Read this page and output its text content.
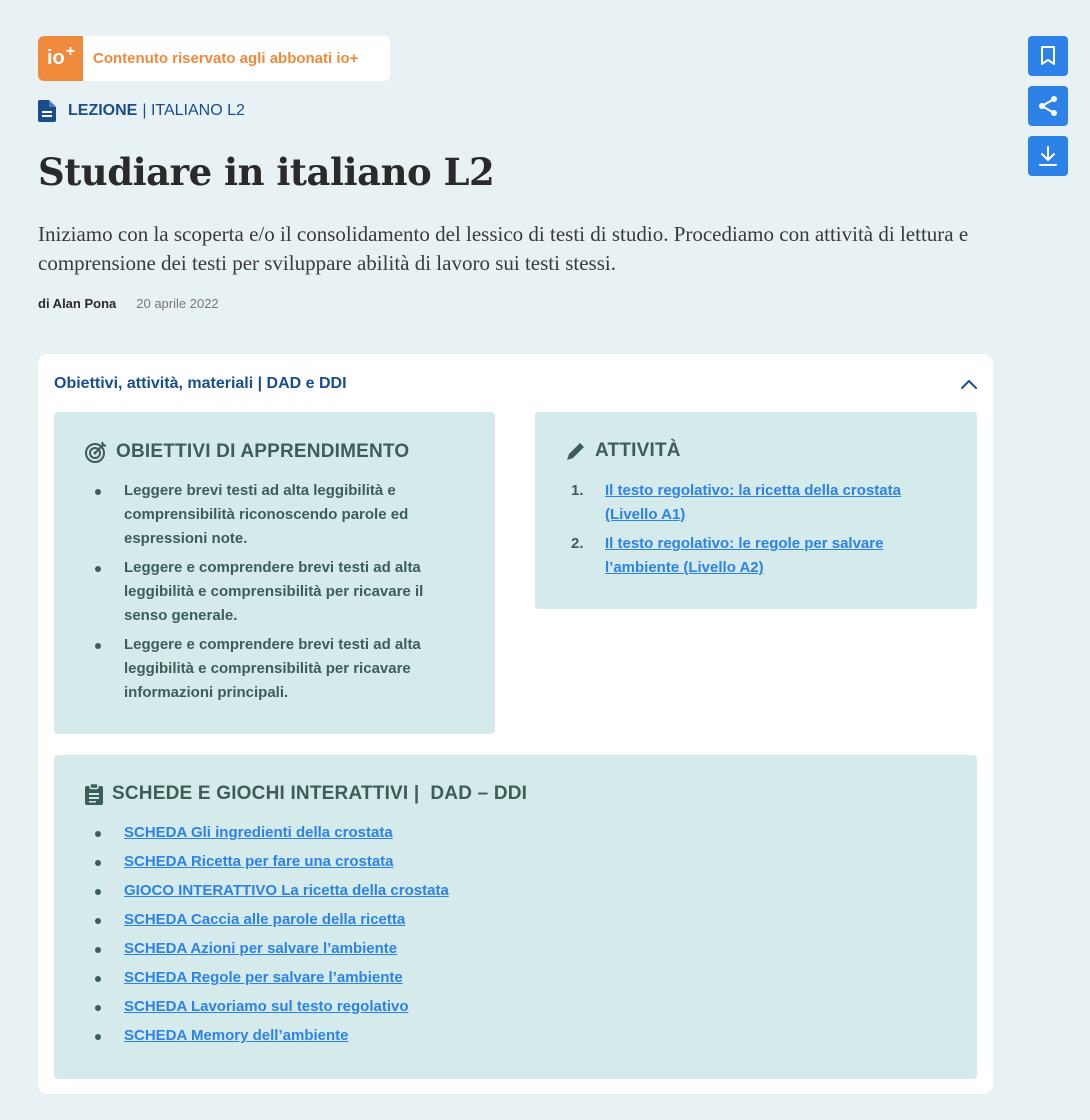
io+ Contenuto riservato agli abbonati io+
LEZIONE | ITALIANO L2
Studiare in italiano L2

Iniziamo con la scoperta e/o il consolidamento del lessico di testi di studio. Procediamo con attività di lettura e comprensione dei testi per sviluppare abilità di lavoro sui testi stessi.

di Alan Pona 20 aprile 2022
Obiettivi, attività, materiali | DAD e DDI
OBIETTIVI DI APPRENDIMENTO
Leggere brevi testi ad alta leggibilità e comprensibilità riconoscendo parole ed espressioni note.
Leggere e comprendere brevi testi ad alta leggibilità e comprensibilità per ricavare il senso generale.
Leggere e comprendere brevi testi ad alta leggibilità e comprensibilità per ricavare informazioni principali.
ATTIVITÀ
1. Il testo regolativo: la ricetta della crostata (Livello A1)
2. Il testo regolativo: le regole per salvare l’ambiente (Livello A2)
SCHEDE E GIOCHI INTERATTIVI |  DAD – DDI
SCHEDA Gli ingredienti della crostata
SCHEDA Ricetta per fare una crostata
GIOCO INTERATTIVO La ricetta della crostata
SCHEDA Caccia alle parole della ricetta
SCHEDA Azioni per salvare l’ambiente
SCHEDA Regole per salvare l’ambiente
SCHEDA Lavoriamo sul testo regolativo
SCHEDA Memory dell’ambiente
